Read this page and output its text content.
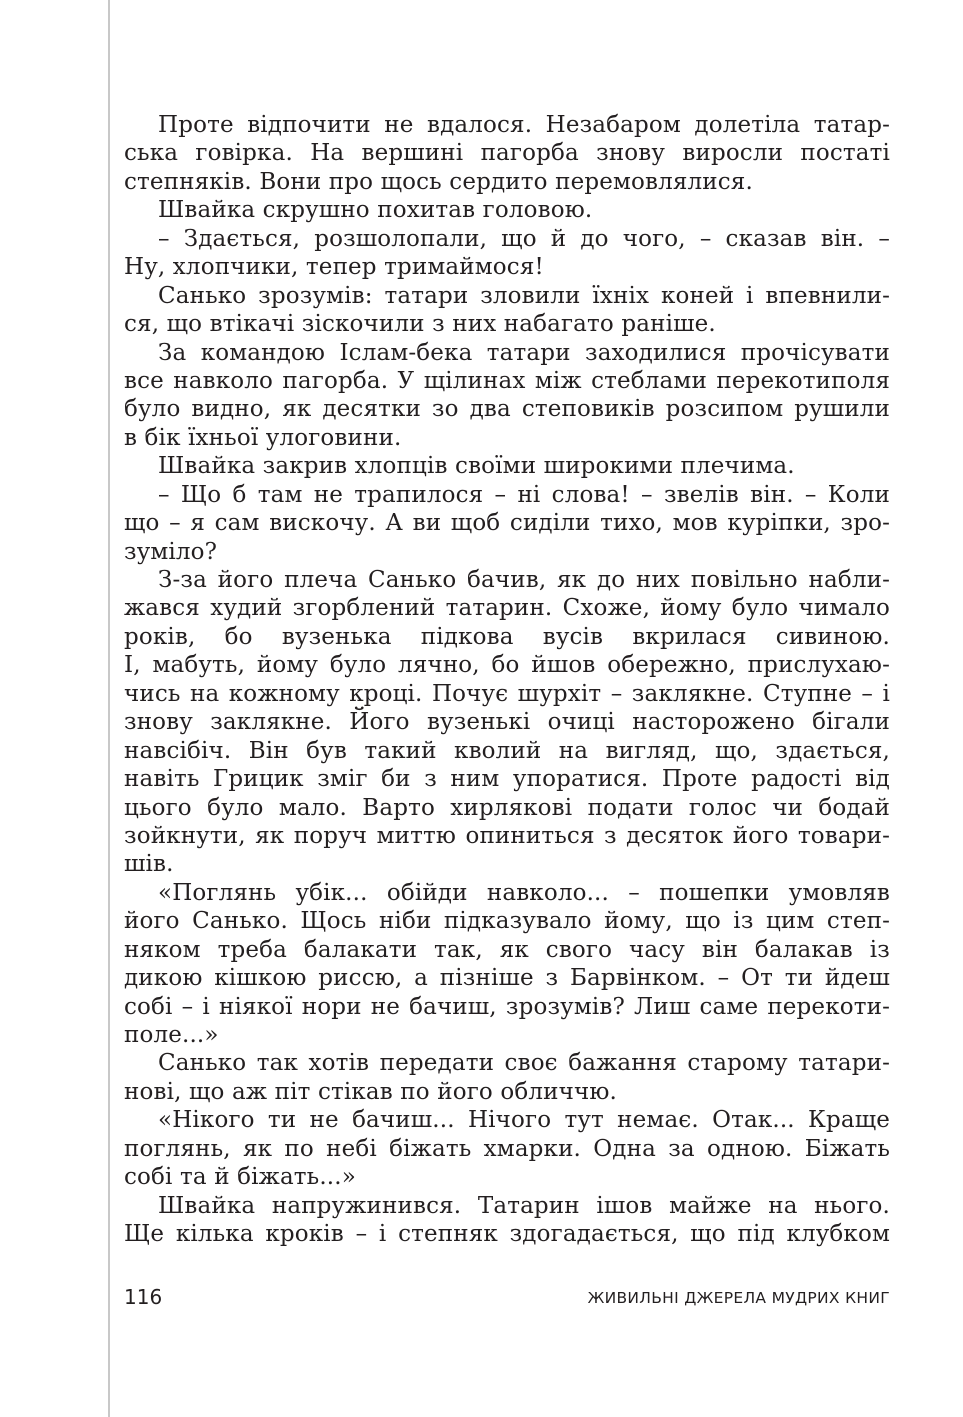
Проте відпочити не вдалося. Незабаром долетіла татар-
ська говірка. На вершині пагорба знову виросли постаті
степняків. Вони про щось сердито перемовлялися.
Швайка скрушно похитав головою.
– Здається, розшолопали, що й до чого, – сказав він. –
Ну, хлопчики, тепер тримаймося!
Санько зрозумів: татари зловили їхніх коней і впевнили-
ся, що втікачі зіскочили з них набагато раніше.
За командою Іслам-бека татари заходилися прочісувати
все навколо пагорба. У щілинах між стеблами перекотиполя
було видно, як десятки зо два степовиків розсипом рушили
в бік їхньої улоговини.
Швайка закрив хлопців своїми широкими плечима.
– Що б там не трапилося – ні слова! – звелів він. – Коли
що – я сам вискочу. А ви щоб сиділи тихо, мов куріпки, зро-
зуміло?
З-за його плеча Санько бачив, як до них повільно набли-
жався худий згорблений татарин. Схоже, йому було чимало
років, бо вузенька підкова вусів вкрилася сивиною.
І, мабуть, йому було лячно, бо йшов обережно, прислухаю-
чись на кожному кроці. Почує шурхіт – заклякне. Ступне – і
знову заклякне. Його вузенькі очиці насторожено бігали
навсібіч. Він був такий кволий на вигляд, що, здається,
навіть Грицик зміг би з ним упоратися. Проте радості від
цього було мало. Варто хирлякові подати голос чи бодай
зойкнути, як поруч миттю опиниться з десяток його товари-
шів.
«Поглянь убік... обійди навколо... – пошепки умовляв
його Санько. Щось ніби підказувало йому, що із цим степ-
няком треба балакати так, як свого часу він балакав із
дикою кішкою риссю, а пізніше з Барвінком. – От ти йдеш
собі – і ніякої нори не бачиш, зрозумів? Лиш саме перекоти-
поле...»
Санько так хотів передати своє бажання старому татари-
нові, що аж піт стікав по його обличчю.
«Нікого ти не бачиш... Нічого тут немає. Отак... Краще
поглянь, як по небі біжать хмарки. Одна за одною. Біжать
собі та й біжать...»
Швайка напружинився. Татарин ішов майже на нього.
Ще кілька кроків – і степняк здогадається, що під клубком
116	ЖИВИЛЬНІ ДЖЕРЕЛА МУДРИХ КНИГ
